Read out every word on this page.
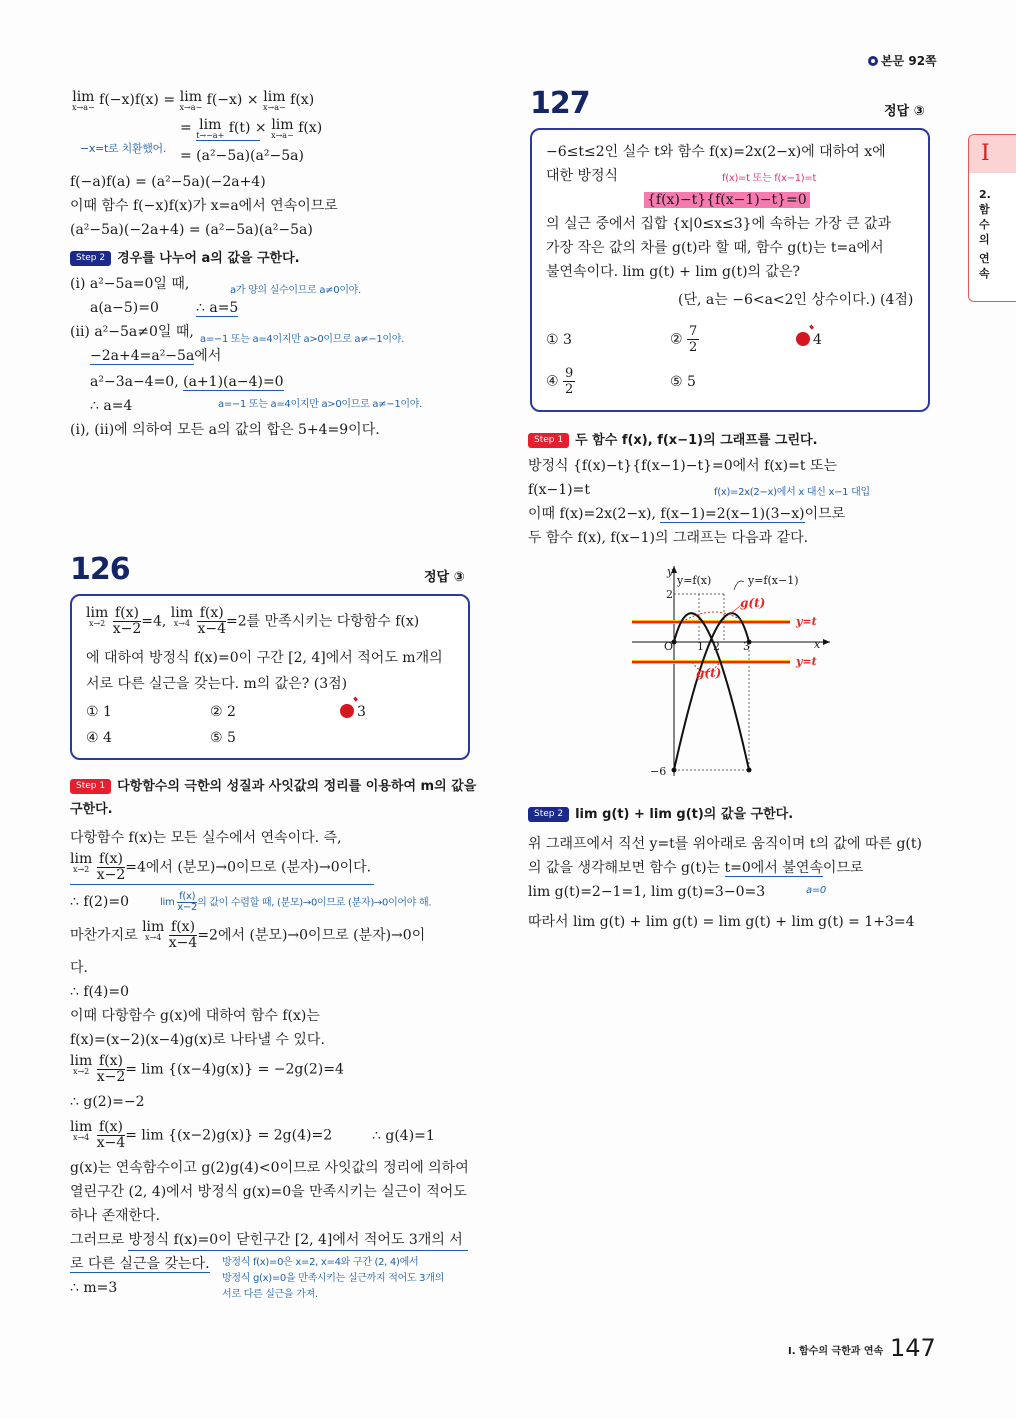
본문 92쪽
I
2.
함
수
의
연
속
lim
x→a− f(−x)f(x) = lim
x→a− f(−x) × lim
x→a− f(x)
= lim
t→−a+ f(t) × lim
x→a− f(x)
−x=t로 치환했어. = (a²−5a)(a²−5a)
f(−a)f(a) = (a²−5a)(−2a+4)
이때 함수 f(−x)f(x)가 x=a에서 연속이므로
(a²−5a)(−2a+4) = (a²−5a)(a²−5a)
Step 2 경우를 나누어 a의 값을 구한다.
(i) a²−5a=0일 때,	a가 양의 실수이므로 a≠0이야.
a(a−5)=0	∴ a=5
(ii) a²−5a≠0일 때, a=−1 또는 a=4이지만 a>0이므로 a≠−1이야.
−2a+4=a²−5a에서
a²−3a−4=0, (a+1)(a−4)=0
∴ a=4	a=−1 또는 a=4이지만 a>0이므로 a≠−1이야.
(i), (ii)에 의하여 모든 a의 값의 합은 5+4=9이다.
126	정답 ③
lim
x→2
$\frac{f(x)}{x-2} =4$, lim
x→4
$\frac{f(x)}{x-4} =2$를 만족시키는 다항함수 f(x)
에 대하여 방정식 f(x)=0이 구간 [2, 4]에서 적어도 m개의
서로 다른 실근을 갖는다. m의 값은? (3점)
① 1	② 2	3
④ 4	⑤ 5
Step 1 다항함수의 극한의 성질과 사잇값의 정리를 이용하여 m의 값을
구한다.
다항함수 f(x)는 모든 실수에서 연속이다. 즉,
lim
x→2
$\frac{f(x)}{x-2} =4$에서 (분모)→0이므로 (분자)→0이다.
∴ f(2)=0	$\lim \frac{f(x)}{x-2}$ 의 값이 수렴할 때, (분모)→0이므로 (분자)→0이어야 해.
마찬가지로 lim
x→4
$\frac{f(x)}{x-4} =2$에서 (분모)→0이므로 (분자)→0이
다.
∴ f(4)=0
이때 다항함수 g(x)에 대하여 함수 f(x)는
f(x)=(x−2)(x−4)g(x)로 나타낼 수 있다.
lim
x→2
$\frac{f(x)}{x-2} = \lim \{(x-4)g(x)\} = -2g(2)=4$
∴ g(2)=−2
lim
x→4
$\frac{f(x)}{x-4} = \lim \{(x-2)g(x)\} = 2g(4)=2$	∴ g(4)=1
g(x)는 연속함수이고 g(2)g(4)<0이므로 사잇값의 정리에 의하여
열린구간 (2, 4)에서 방정식 g(x)=0을 만족시키는 실근이 적어도
하나 존재한다.
그러므로 방정식 f(x)=0이 닫힌구간 [2, 4]에서 적어도 3개의 서
로 다른 실근을 갖는다. 방정식 f(x)=0은 x=2, x=4와 구간 (2, 4)에서
방정식 g(x)=0을 만족시키는 실근까지 적어도 3개의
서로 다른 실근을 가져.
∴ m=3
127	정답 ③
−6≤t≤2인 실수 t와 함수 f(x)=2x(2−x)에 대하여 x에
대한 방정식	f(x)=t 또는 f(x−1)=t
{f(x)−t}{f(x−1)−t}=0
의 실근 중에서 집합 {x|0≤x≤3}에 속하는 가장 큰 값과
가장 작은 값의 차를 g(t)라 할 때, 함수 g(t)는 t=a에서
불연속이다. lim g(t) + lim g(t)의 값은?
(단, a는 −6<a<2인 상수이다.) (4점)
① 3	② $\frac{7}{2}$	4
④ $\frac{9}{2}$	⑤ 5
Step 1 두 함수 f(x), f(x−1)의 그래프를 그린다.
방정식 {f(x)−t}{f(x−1)−t}=0에서 f(x)=t 또는
f(x−1)=t	f(x)=2x(2−x)에서 x 대신 x−1 대입
이때 f(x)=2x(2−x), f(x−1)=2(x−1)(3−x)이므로
두 함수 f(x), f(x−1)의 그래프는 다음과 같다.
y
y=f(x)	y=f(x−1)
2
g(t)
y=t
O 1 2 3	x
y=t
g(t)
−6
Step 2 lim g(t) + lim g(t)의 값을 구한다.
위 그래프에서 직선 y=t를 위아래로 움직이며 t의 값에 따른 g(t)
의 값을 생각해보면 함수 g(t)는 t=0에서 불연속이므로
lim g(t)=2−1=1, lim g(t)=3−0=3	a=0
따라서 lim g(t) + lim g(t) = lim g(t) + lim g(t) = 1+3=4
I. 함수의 극한과 연속 147
